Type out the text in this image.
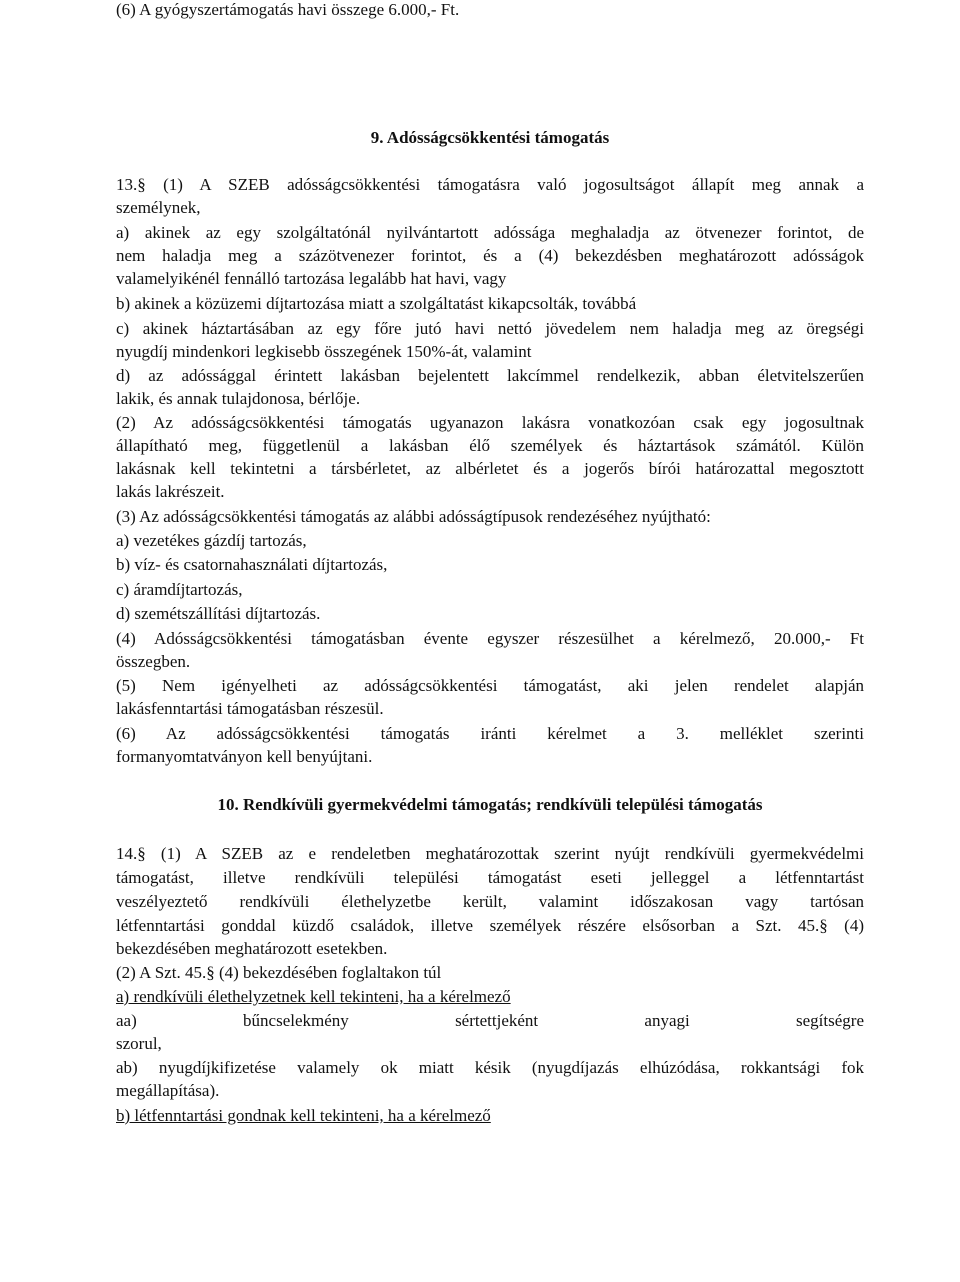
(6) A gyógyszertámogatás havi összege 6.000,- Ft.

9. Adósságcsökkentési támogatás

13.§ (1) A SZEB adósságcsökkentési támogatásra való jogosultságot állapít meg annak a

személynek,

a) akinek az egy szolgáltatónál nyilvántartott adóssága meghaladja az ötvenezer forintot, de

nem haladja meg a százötvenezer forintot, és a (4) bekezdésben meghatározott adósságok

valamelyikénél fennálló tartozása legalább hat havi, vagy

b) akinek a közüzemi díjtartozása miatt a szolgáltatást kikapcsolták, továbbá

c) akinek háztartásában az egy főre jutó havi nettó jövedelem nem haladja meg az öregségi

nyugdíj mindenkori legkisebb összegének 150%-át, valamint

d) az adóssággal érintett lakásban bejelentett lakcímmel rendelkezik, abban életvitelszerűen

lakik, és annak tulajdonosa, bérlője.

(2) Az adósságcsökkentési támogatás ugyanazon lakásra vonatkozóan csak egy jogosultnak

állapítható meg, függetlenül a lakásban élő személyek és háztartások számától. Külön

lakásnak kell tekintetni a társbérletet, az albérletet és a jogerős bírói határozattal megosztott

lakás lakrészeit.

(3) Az adósságcsökkentési támogatás az alábbi adósságtípusok rendezéséhez nyújtható:

a) vezetékes gázdíj tartozás,

b) víz- és csatornahasználati díjtartozás,

c) áramdíjtartozás,

d) szemétszállítási díjtartozás.

(4) Adósságcsökkentési támogatásban évente egyszer részesülhet a kérelmező, 20.000,- Ft

összegben.

(5) Nem igényelheti az adósságcsökkentési támogatást, aki jelen rendelet alapján

lakásfenntartási támogatásban részesül.

(6) Az adósságcsökkentési támogatás iránti kérelmet a 3. melléklet szerinti

formanyomtatványon kell benyújtani.

10. Rendkívüli gyermekvédelmi támogatás; rendkívüli települési támogatás

14.§ (1) A SZEB az e rendeletben meghatározottak szerint nyújt rendkívüli gyermekvédelmi

támogatást, illetve rendkívüli települési támogatást eseti jelleggel a létfenntartást

veszélyeztető rendkívüli élethelyzetbe került, valamint időszakosan vagy tartósan

létfenntartási gonddal küzdő családok, illetve személyek részére elsősorban a Szt. 45.§ (4)

bekezdésében meghatározott esetekben.

(2) A Szt. 45.§ (4) bekezdésében foglaltakon túl

a) rendkívüli élethelyzetnek kell tekinteni, ha a kérelmező

aa) bűncselekmény sértettjeként anyagi segítségre

szorul,

ab) nyugdíjkifizetése valamely ok miatt késik (nyugdíjazás elhúzódása, rokkantsági fok

megállapítása).

b) létfenntartási gondnak kell tekinteni, ha a kérelmező
